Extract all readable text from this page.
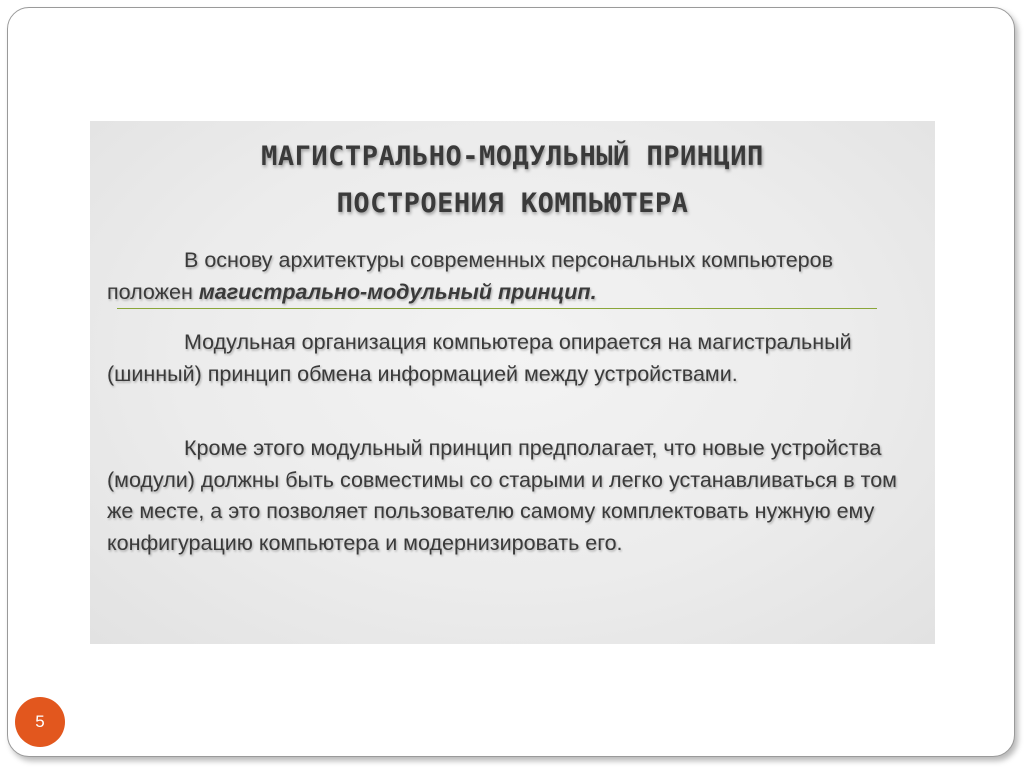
МАГИСТРАЛЬНО-МОДУЛЬНЫЙ ПРИНЦИП
ПОСТРОЕНИЯ КОМПЬЮТЕРА
В основу архитектуры современных персональных компьютеров положен магистрально-модульный принцип.
Модульная организация компьютера опирается на магистральный (шинный) принцип обмена информацией между устройствами.
Кроме этого модульный принцип предполагает, что новые устройства (модули) должны быть совместимы со старыми и легко устанавливаться в том же месте, а это позволяет пользователю самому комплектовать нужную ему конфигурацию компьютера и модернизировать его.
5
